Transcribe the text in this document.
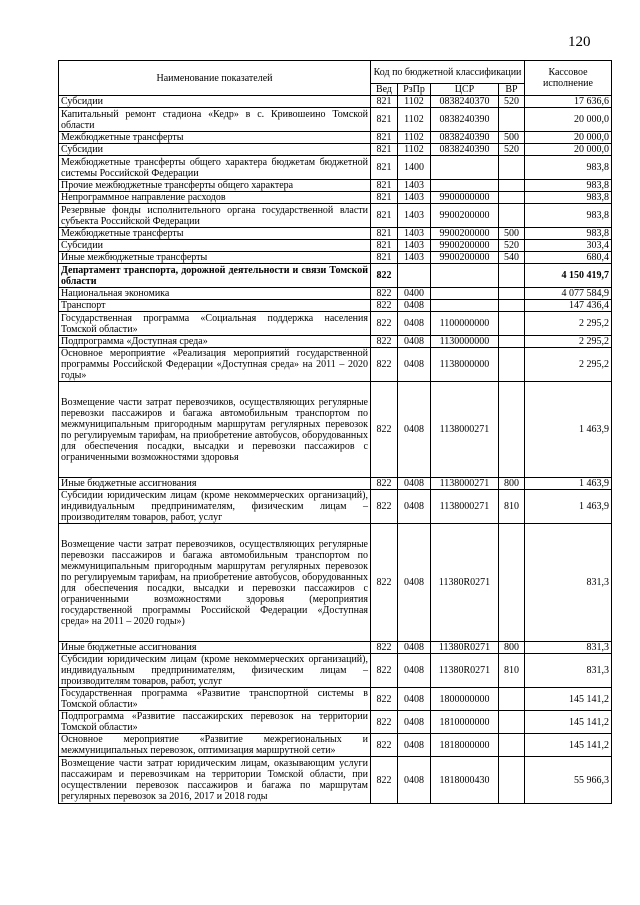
120
Наименование показателей	Код по бюджетной классификации				Кассовое исполнение
	Вед	РзПр	ЦСР	ВР	
Субсидии	821	1102	0838240370	520	17 636,6
Капитальный ремонт стадиона «Кедр» в с. Кривошеино Томской области	821	1102	0838240390		20 000,0
Межбюджетные трансферты	821	1102	0838240390	500	20 000,0
Субсидии	821	1102	0838240390	520	20 000,0
Межбюджетные трансферты общего характера бюджетам бюджетной системы Российской Федерации	821	1400			983,8
Прочие межбюджетные трансферты общего характера	821	1403			983,8
Непрограммное направление расходов	821	1403	9900000000		983,8
Резервные фонды исполнительного органа государственной власти субъекта Российской Федерации	821	1403	9900200000		983,8
Межбюджетные трансферты	821	1403	9900200000	500	983,8
Субсидии	821	1403	9900200000	520	303,4
Иные межбюджетные трансферты	821	1403	9900200000	540	680,4
Департамент транспорта, дорожной деятельности и связи Томской области	822				4 150 419,7
Национальная экономика	822	0400			4 077 584,9
Транспорт	822	0408			147 436,4
Государственная программа «Социальная поддержка населения Томской области»	822	0408	1100000000		2 295,2
Подпрограмма «Доступная среда»	822	0408	1130000000		2 295,2
Основное мероприятие «Реализация мероприятий государственной программы Российской Федерации «Доступная среда» на 2011 – 2020 годы»	822	0408	1138000000		2 295,2
Возмещение части затрат перевозчиков, осуществляющих регулярные перевозки пассажиров и багажа автомобильным транспортом по межмуниципальным пригородным маршрутам регулярных перевозок по регулируемым тарифам, на приобретение автобусов, оборудованных для обеспечения посадки, высадки и перевозки пассажиров с ограниченными возможностями здоровья	822	0408	1138000271		1 463,9
Иные бюджетные ассигнования	822	0408	1138000271	800	1 463,9
Субсидии юридическим лицам (кроме некоммерческих организаций), индивидуальным предпринимателям, физическим лицам – производителям товаров, работ, услуг	822	0408	1138000271	810	1 463,9
Возмещение части затрат перевозчиков, осуществляющих регулярные перевозки пассажиров и багажа автомобильным транспортом по межмуниципальным пригородным маршрутам регулярных перевозок по регулируемым тарифам, на приобретение автобусов, оборудованных для обеспечения посадки, высадки и перевозки пассажиров с ограниченными возможностями здоровья (мероприятия государственной программы Российской Федерации «Доступная среда» на 2011 – 2020 годы»)	822	0408	11380R0271		831,3
Иные бюджетные ассигнования	822	0408	11380R0271	800	831,3
Субсидии юридическим лицам (кроме некоммерческих организаций), индивидуальным предпринимателям, физическим лицам – производителям товаров, работ, услуг	822	0408	11380R0271	810	831,3
Государственная программа «Развитие транспортной системы в Томской области»	822	0408	1800000000		145 141,2
Подпрограмма «Развитие пассажирских перевозок на территории Томской области»	822	0408	1810000000		145 141,2
Основное мероприятие «Развитие межрегиональных и межмуниципальных перевозок, оптимизация маршрутной сети»	822	0408	1818000000		145 141,2
Возмещение части затрат юридическим лицам, оказывающим услуги пассажирам и перевозчикам на территории Томской области, при осуществлении перевозок пассажиров и багажа по маршрутам регулярных перевозок за 2016, 2017 и 2018 годы	822	0408	1818000430		55 966,3
